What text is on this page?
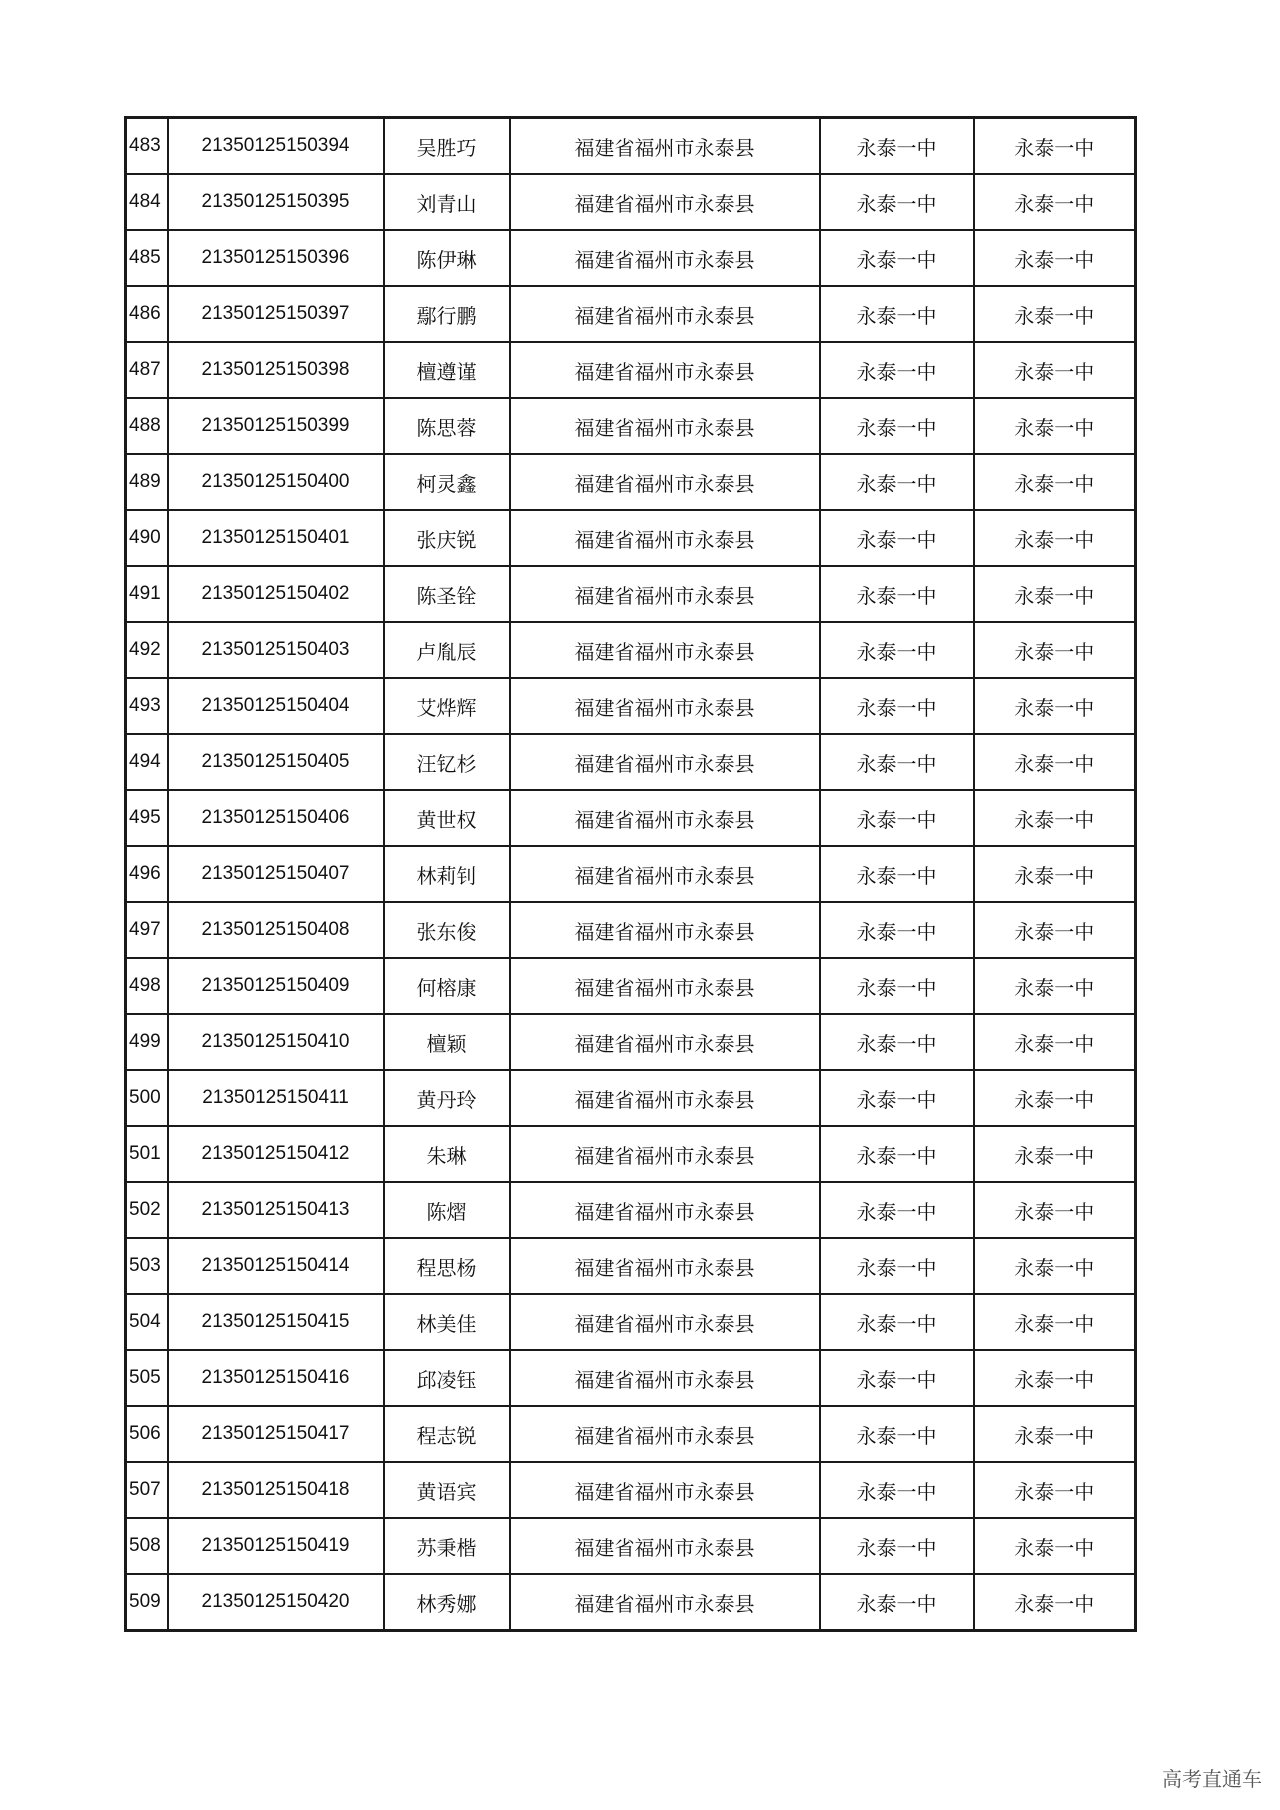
483	21350125150394	吴胜巧	福建省福州市永泰县	永泰一中	永泰一中
484	21350125150395	刘青山	福建省福州市永泰县	永泰一中	永泰一中
485	21350125150396	陈伊琳	福建省福州市永泰县	永泰一中	永泰一中
486	21350125150397	鄢行鹏	福建省福州市永泰县	永泰一中	永泰一中
487	21350125150398	檀遵谨	福建省福州市永泰县	永泰一中	永泰一中
488	21350125150399	陈思蓉	福建省福州市永泰县	永泰一中	永泰一中
489	21350125150400	柯灵鑫	福建省福州市永泰县	永泰一中	永泰一中
490	21350125150401	张庆锐	福建省福州市永泰县	永泰一中	永泰一中
491	21350125150402	陈圣铨	福建省福州市永泰县	永泰一中	永泰一中
492	21350125150403	卢胤辰	福建省福州市永泰县	永泰一中	永泰一中
493	21350125150404	艾烨辉	福建省福州市永泰县	永泰一中	永泰一中
494	21350125150405	汪钇杉	福建省福州市永泰县	永泰一中	永泰一中
495	21350125150406	黄世权	福建省福州市永泰县	永泰一中	永泰一中
496	21350125150407	林莉钊	福建省福州市永泰县	永泰一中	永泰一中
497	21350125150408	张东俊	福建省福州市永泰县	永泰一中	永泰一中
498	21350125150409	何榕康	福建省福州市永泰县	永泰一中	永泰一中
499	21350125150410	檀颖	福建省福州市永泰县	永泰一中	永泰一中
500	21350125150411	黄丹玲	福建省福州市永泰县	永泰一中	永泰一中
501	21350125150412	朱琳	福建省福州市永泰县	永泰一中	永泰一中
502	21350125150413	陈熠	福建省福州市永泰县	永泰一中	永泰一中
503	21350125150414	程思杨	福建省福州市永泰县	永泰一中	永泰一中
504	21350125150415	林美佳	福建省福州市永泰县	永泰一中	永泰一中
505	21350125150416	邱凌钰	福建省福州市永泰县	永泰一中	永泰一中
506	21350125150417	程志锐	福建省福州市永泰县	永泰一中	永泰一中
507	21350125150418	黄语宾	福建省福州市永泰县	永泰一中	永泰一中
508	21350125150419	苏秉楷	福建省福州市永泰县	永泰一中	永泰一中
509	21350125150420	林秀娜	福建省福州市永泰县	永泰一中	永泰一中
高考直通车
